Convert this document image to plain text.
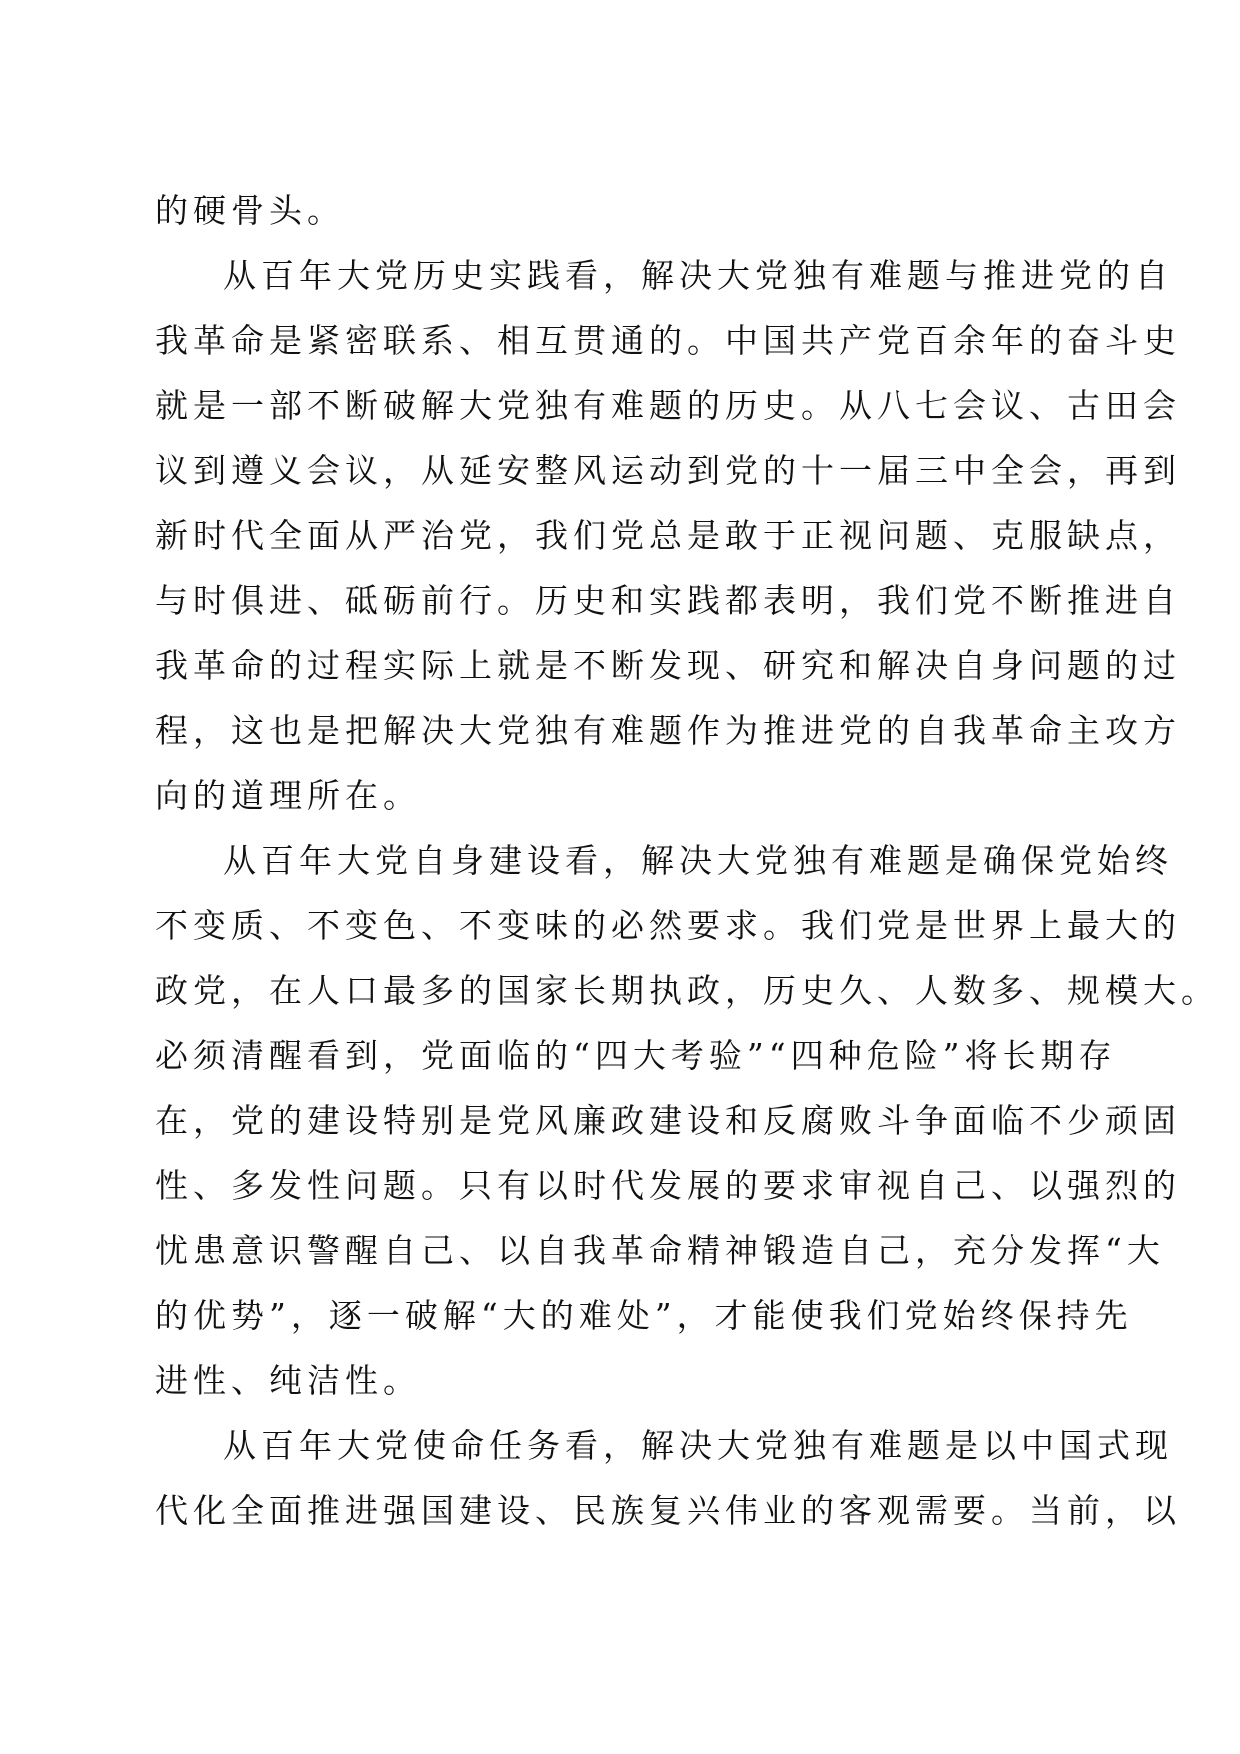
的硬骨头。
从百年大党历史实践看，解决大党独有难题与推进党的自
我革命是紧密联系、相互贯通的。中国共产党百余年的奋斗史
就是一部不断破解大党独有难题的历史。从八七会议、古田会
议到遵义会议，从延安整风运动到党的十一届三中全会，再到
新时代全面从严治党，我们党总是敢于正视问题、克服缺点，
与时俱进、砥砺前行。历史和实践都表明，我们党不断推进自
我革命的过程实际上就是不断发现、研究和解决自身问题的过
程，这也是把解决大党独有难题作为推进党的自我革命主攻方
向的道理所在。
从百年大党自身建设看，解决大党独有难题是确保党始终
不变质、不变色、不变味的必然要求。我们党是世界上最大的
政党，在人口最多的国家长期执政，历史久、人数多、规模大。
必须清醒看到，党面临的“四大考验”“四种危险”将长期存
在，党的建设特别是党风廉政建设和反腐败斗争面临不少顽固
性、多发性问题。只有以时代发展的要求审视自己、以强烈的
忧患意识警醒自己、以自我革命精神锻造自己，充分发挥“大
的优势”，逐一破解“大的难处”，才能使我们党始终保持先
进性、纯洁性。
从百年大党使命任务看，解决大党独有难题是以中国式现
代化全面推进强国建设、民族复兴伟业的客观需要。当前，以
